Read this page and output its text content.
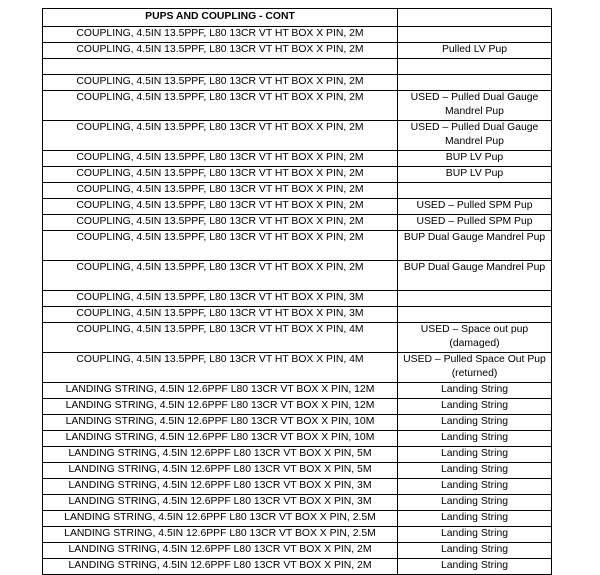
PUPS AND COUPLING - CONT	
COUPLING, 4.5IN 13.5PPF, L80 13CR VT HT BOX X PIN, 2M	
COUPLING, 4.5IN 13.5PPF, L80 13CR VT HT BOX X PIN, 2M	Pulled LV Pup

COUPLING, 4.5IN 13.5PPF, L80 13CR VT HT BOX X PIN, 2M	
COUPLING, 4.5IN 13.5PPF, L80 13CR VT HT BOX X PIN, 2M	USED – Pulled Dual Gauge Mandrel Pup
COUPLING, 4.5IN 13.5PPF, L80 13CR VT HT BOX X PIN, 2M	USED – Pulled Dual Gauge Mandrel Pup
COUPLING, 4.5IN 13.5PPF, L80 13CR VT HT BOX X PIN, 2M	BUP LV Pup
COUPLING, 4.5IN 13.5PPF, L80 13CR VT HT BOX X PIN, 2M	BUP LV Pup
COUPLING, 4.5IN 13.5PPF, L80 13CR VT HT BOX X PIN, 2M	
COUPLING, 4.5IN 13.5PPF, L80 13CR VT HT BOX X PIN, 2M	USED – Pulled SPM Pup
COUPLING, 4.5IN 13.5PPF, L80 13CR VT HT BOX X PIN, 2M	USED – Pulled SPM Pup
COUPLING, 4.5IN 13.5PPF, L80 13CR VT HT BOX X PIN, 2M	BUP Dual Gauge Mandrel Pup
COUPLING, 4.5IN 13.5PPF, L80 13CR VT HT BOX X PIN, 2M	BUP Dual Gauge Mandrel Pup
COUPLING, 4.5IN 13.5PPF, L80 13CR VT HT BOX X PIN, 3M	
COUPLING, 4.5IN 13.5PPF, L80 13CR VT HT BOX X PIN, 3M	
COUPLING, 4.5IN 13.5PPF, L80 13CR VT HT BOX X PIN, 4M	USED – Space out pup (damaged)
COUPLING, 4.5IN 13.5PPF, L80 13CR VT HT BOX X PIN, 4M	USED – Pulled Space Out Pup (returned)
LANDING STRING, 4.5IN 12.6PPF L80 13CR VT BOX X PIN, 12M	Landing String
LANDING STRING, 4.5IN 12.6PPF L80 13CR VT BOX X PIN, 12M	Landing String
LANDING STRING, 4.5IN 12.6PPF L80 13CR VT BOX X PIN, 10M	Landing String
LANDING STRING, 4.5IN 12.6PPF L80 13CR VT BOX X PIN, 10M	Landing String
LANDING STRING, 4.5IN 12.6PPF L80 13CR VT BOX X PIN, 5M	Landing String
LANDING STRING, 4.5IN 12.6PPF L80 13CR VT BOX X PIN, 5M	Landing String
LANDING STRING, 4.5IN 12.6PPF L80 13CR VT BOX X PIN, 3M	Landing String
LANDING STRING, 4.5IN 12.6PPF L80 13CR VT BOX X PIN, 3M	Landing String
LANDING STRING, 4.5IN 12.6PPF L80 13CR VT BOX X PIN, 2.5M	Landing String
LANDING STRING, 4.5IN 12.6PPF L80 13CR VT BOX X PIN, 2.5M	Landing String
LANDING STRING, 4.5IN 12.6PPF L80 13CR VT BOX X PIN, 2M	Landing String
LANDING STRING, 4.5IN 12.6PPF L80 13CR VT BOX X PIN, 2M	Landing String
